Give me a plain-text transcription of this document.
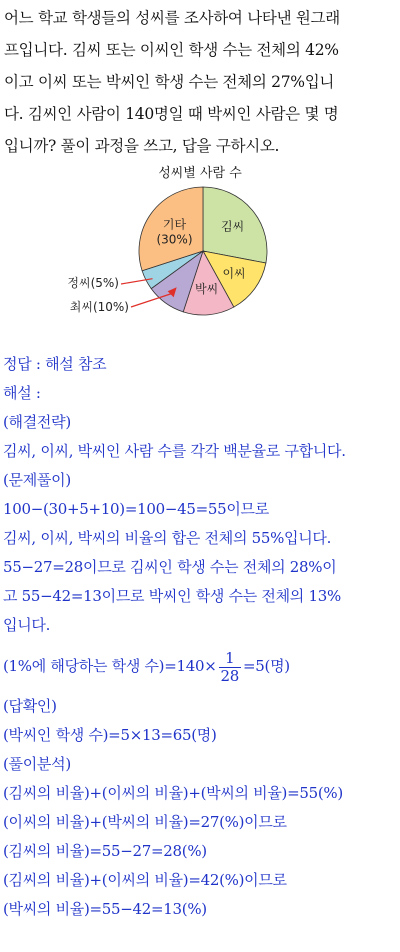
어느 학교 학생들의 성씨를 조사하여 나타낸 원그래
프입니다. 김씨 또는 이씨인 학생 수는 전체의 42%
이고 이씨 또는 박씨인 학생 수는 전체의 27%입니
다. 김씨인 사람이 140명일 때 박씨인 사람은 몇 명
입니까? 풀이 과정을 쓰고, 답을 구하시오.
성씨별 사람 수
김씨
이씨
박씨
기타
(30%)
최씨(10%)
정씨(5%)
정답 : 해설 참조
해설 :
(해결전략)
김씨, 이씨, 박씨인 사람 수를 각각 백분율로 구합니다.
(문제풀이)
100−(30+5+10)=100−45=55이므로
김씨, 이씨, 박씨의 비율의 합은 전체의 55%입니다.
55−27=28이므로 김씨인 학생 수는 전체의 28%이
고 55−42=13이므로 박씨인 학생 수는 전체의 13%
입니다.
(1%에 해당하는 학생 수)$=140\times \frac{1}{28} =5$(명)
(답확인)
(박씨인 학생 수)=5×13=65(명)
(풀이분석)
(김씨의 비율)+(이씨의 비율)+(박씨의 비율)=55(%)
(이씨의 비율)+(박씨의 비율)=27(%)이므로
(김씨의 비율)=55−27=28(%)
(김씨의 비율)+(이씨의 비율)=42(%)이므로
(박씨의 비율)=55−42=13(%)
